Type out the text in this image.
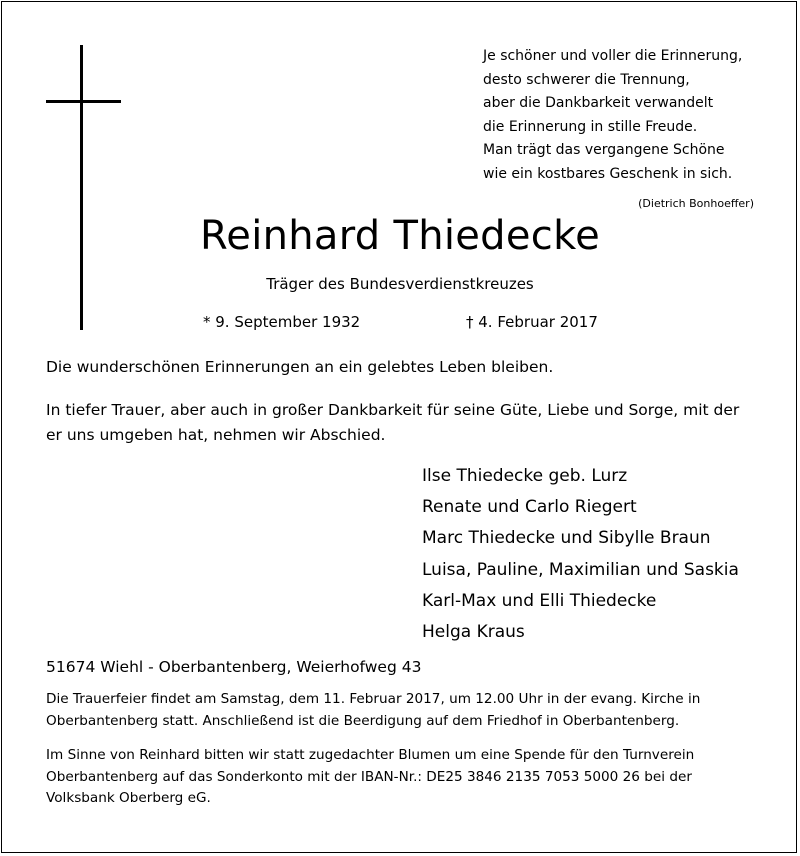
Je schöner und voller die Erinnerung,
desto schwerer die Trennung,
aber die Dankbarkeit verwandelt
die Erinnerung in stille Freude.
Man trägt das vergangene Schöne
wie ein kostbares Geschenk in sich.
(Dietrich Bonhoeffer)
Reinhard Thiedecke
Träger des Bundesverdienstkreuzes
* 9. September 1932	† 4. Februar 2017
Die wunderschönen Erinnerungen an ein gelebtes Leben bleiben.
In tiefer Trauer, aber auch in großer Dankbarkeit für seine Güte, Liebe und Sorge, mit der er uns umgeben hat, nehmen wir Abschied.
Ilse Thiedecke geb. Lurz
Renate und Carlo Riegert
Marc Thiedecke und Sibylle Braun
Luisa, Pauline, Maximilian und Saskia
Karl-Max und Elli Thiedecke
Helga Kraus
51674 Wiehl - Oberbantenberg, Weierhofweg 43
Die Trauerfeier findet am Samstag, dem 11. Februar 2017, um 12.00 Uhr in der evang. Kirche in Oberbantenberg statt. Anschließend ist die Beerdigung auf dem Friedhof in Oberbantenberg.
Im Sinne von Reinhard bitten wir statt zugedachter Blumen um eine Spende für den Turnverein Oberbantenberg auf das Sonderkonto mit der IBAN-Nr.: DE25 3846 2135 7053 5000 26 bei der Volksbank Oberberg eG.
